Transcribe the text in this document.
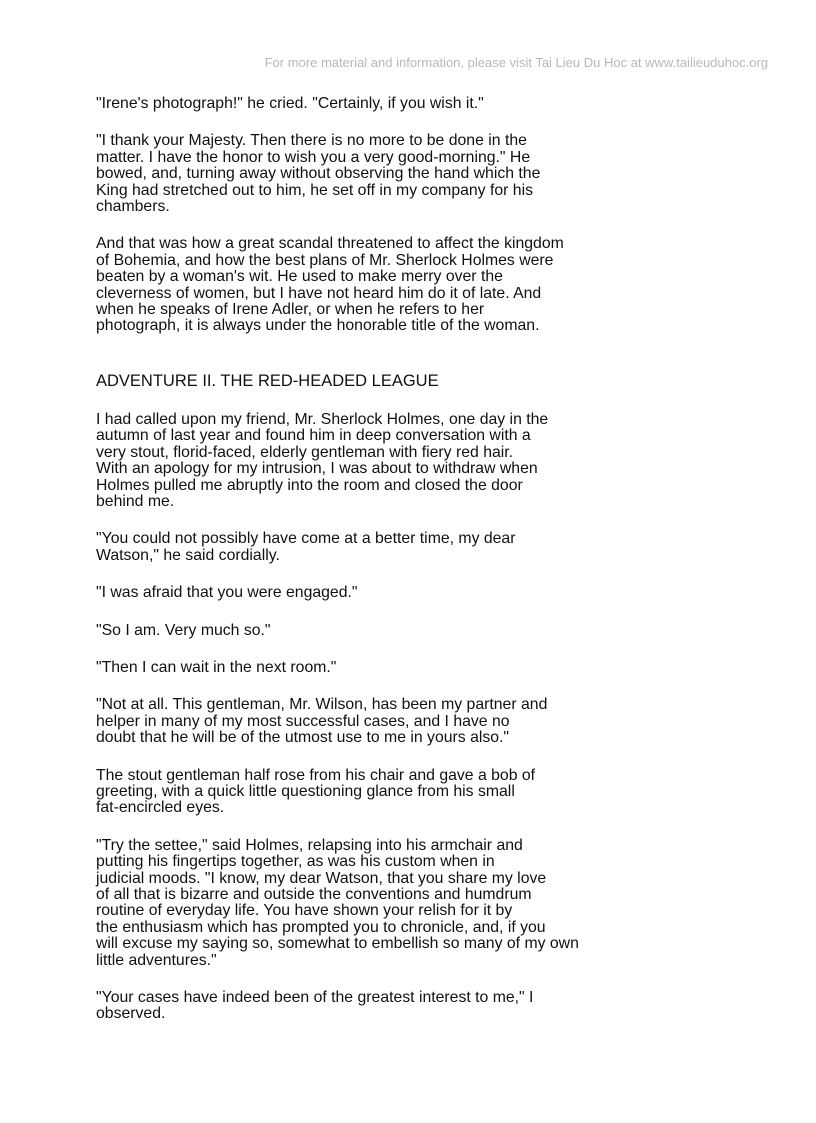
For more material and information, please visit Tai Lieu Du Hoc at www.tailieuduhoc.org
"Irene's photograph!" he cried. "Certainly, if you wish it."
"I thank your Majesty. Then there is no more to be done in the
matter. I have the honor to wish you a very good-morning." He
bowed, and, turning away without observing the hand which the
King had stretched out to him, he set off in my company for his
chambers.
And that was how a great scandal threatened to affect the kingdom
of Bohemia, and how the best plans of Mr. Sherlock Holmes were
beaten by a woman's wit. He used to make merry over the
cleverness of women, but I have not heard him do it of late. And
when he speaks of Irene Adler, or when he refers to her
photograph, it is always under the honorable title of the woman.
ADVENTURE II. THE RED-HEADED LEAGUE
I had called upon my friend, Mr. Sherlock Holmes, one day in the
autumn of last year and found him in deep conversation with a
very stout, florid-faced, elderly gentleman with fiery red hair.
With an apology for my intrusion, I was about to withdraw when
Holmes pulled me abruptly into the room and closed the door
behind me.
"You could not possibly have come at a better time, my dear
Watson," he said cordially.
"I was afraid that you were engaged."
"So I am. Very much so."
"Then I can wait in the next room."
"Not at all. This gentleman, Mr. Wilson, has been my partner and
helper in many of my most successful cases, and I have no
doubt that he will be of the utmost use to me in yours also."
The stout gentleman half rose from his chair and gave a bob of
greeting, with a quick little questioning glance from his small
fat-encircled eyes.
"Try the settee," said Holmes, relapsing into his armchair and
putting his fingertips together, as was his custom when in
judicial moods. "I know, my dear Watson, that you share my love
of all that is bizarre and outside the conventions and humdrum
routine of everyday life. You have shown your relish for it by
the enthusiasm which has prompted you to chronicle, and, if you
will excuse my saying so, somewhat to embellish so many of my own
little adventures."
"Your cases have indeed been of the greatest interest to me," I
observed.
